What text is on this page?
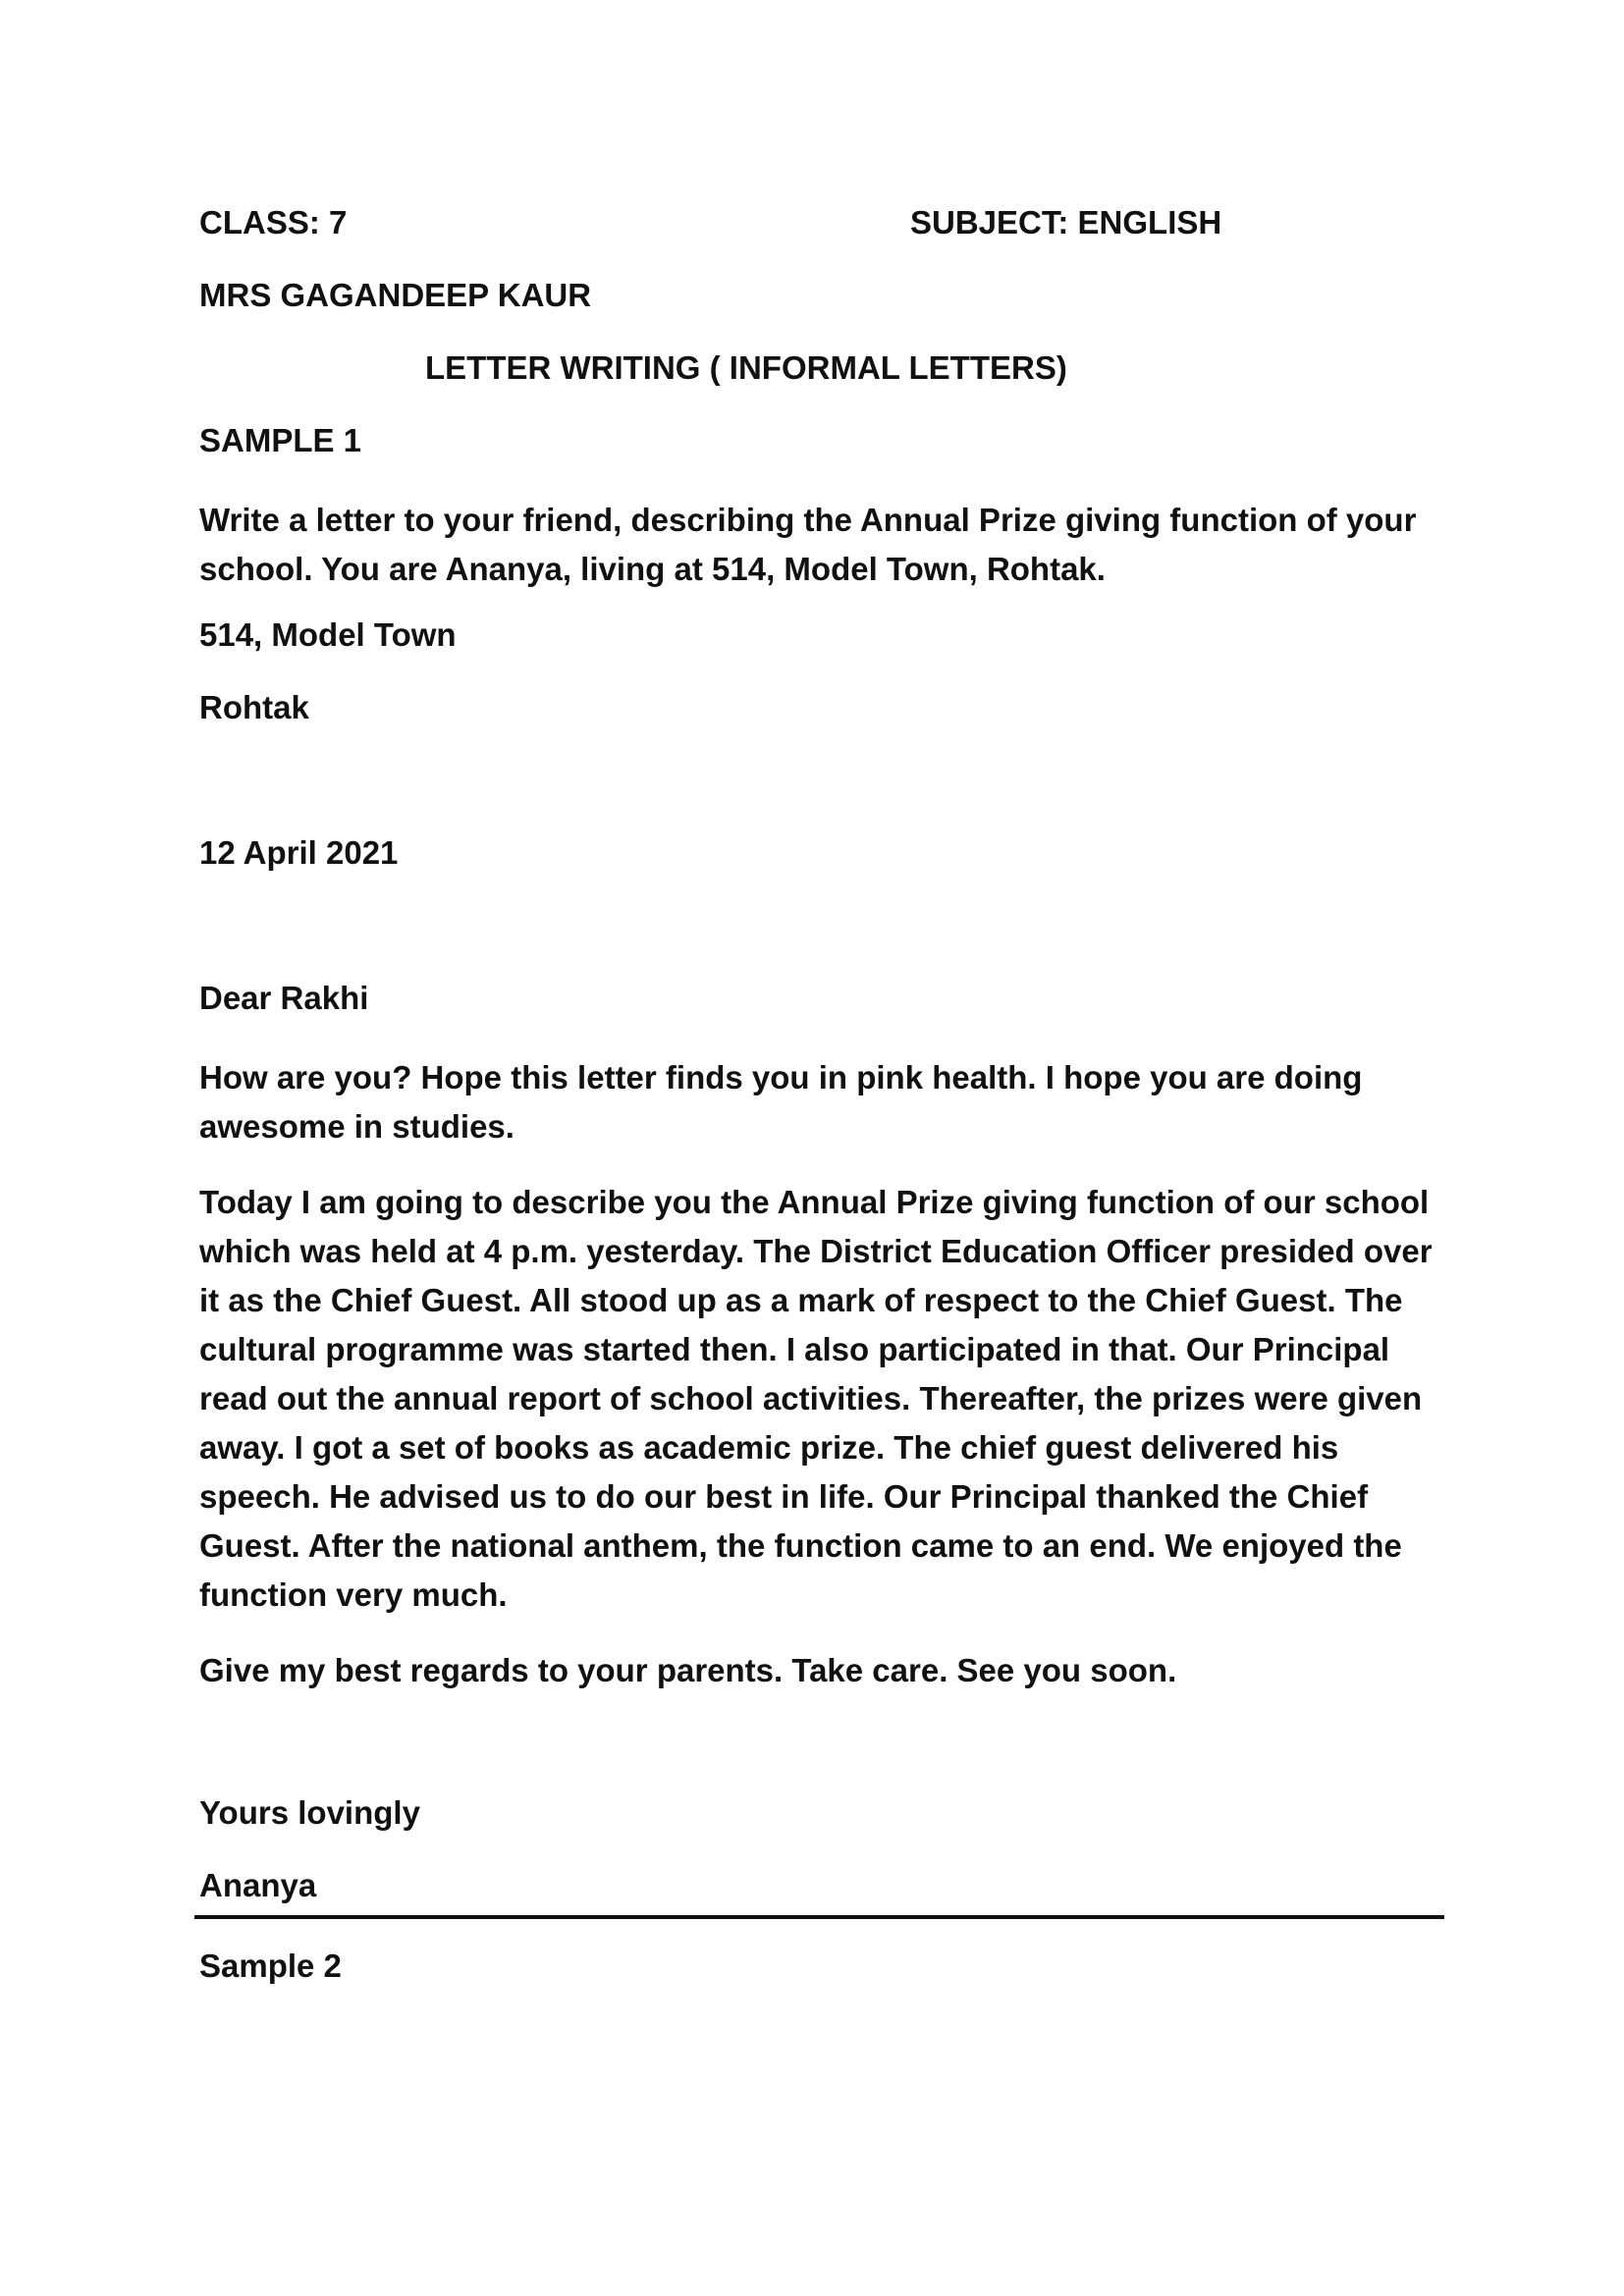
CLASS: 7	SUBJECT: ENGLISH
MRS GAGANDEEP KAUR
LETTER WRITING ( INFORMAL LETTERS)
SAMPLE 1

Write a letter to your friend, describing the Annual Prize giving function of your school. You are Ananya, living at 514, Model Town, Rohtak.

514, Model Town
Rohtak
12 April 2021
Dear Rakhi

How are you? Hope this letter finds you in pink health. I hope you are doing awesome in studies.

Today I am going to describe you the Annual Prize giving function of our school which was held at 4 p.m. yesterday. The District Education Officer presided over it as the Chief Guest. All stood up as a mark of respect to the Chief Guest. The cultural programme was started then. I also participated in that. Our Principal read out the annual report of school activities. Thereafter, the prizes were given away. I got a set of books as academic prize. The chief guest delivered his speech. He advised us to do our best in life. Our Principal thanked the Chief Guest. After the national anthem, the function came to an end. We enjoyed the function very much.

Give my best regards to your parents. Take care. See you soon.

Yours lovingly
Ananya
Sample 2
